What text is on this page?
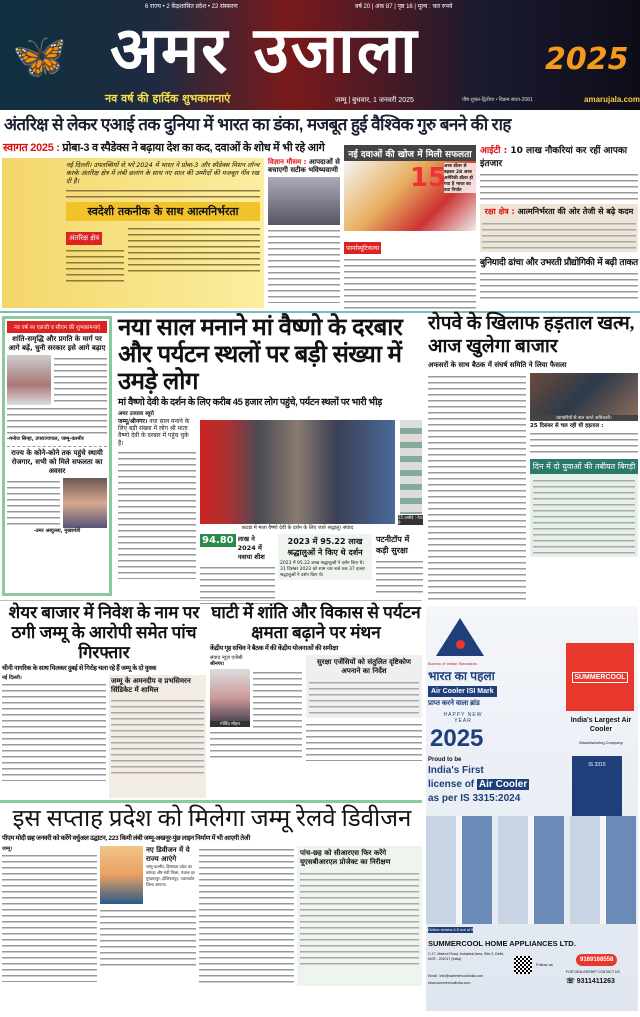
🦋
6 राज्य • 2 केंद्रशासित प्रदेश • 22 संस्करण	वर्ष 20 | अंक 87 | पृष्ठ 16 | मूल्य : चार रुपये
अमर उजाला	2025
नव वर्ष की हार्दिक शुभकामनाएं	जम्मू | बुधवार, 1 जनवरी 2025	पौष शुक्ल-द्वितीया • विक्रम संवत-2081	amarujala.com
अंतरिक्ष से लेकर एआई तक दुनिया में भारत का डंका, मजबूत हुई वैश्विक गुरु बनने की राह
स्वागत 2025 : प्रोबा-3 व स्पैडेक्स ने बढ़ाया देश का कद, दवाओं के शोध में भी रहे आगे
नई दिल्ली। उपलब्धियों से भरे 2024 में भारत ने प्रोबा-3 और स्पैडेक्स मिशन लॉन्च करके अंतरिक्ष क्षेत्र में लंबी छलांग के साथ नए साल की उम्मीदों की मजबूत नींव रख दी है।
स्वदेशी तकनीक के साथ आत्मनिर्भरता
अंतरिक्ष क्षेत्र
विज्ञान मौसम : आपदाओं से बचाएगी सटीक भविष्यवाणी
नई दवाओं की खोज में मिली सफलता
15
अरब डॉलर से बढ़कर 28 अरब अमेरिकी डॉलर हो गया है भारत का दवा निर्यात
फार्मास्यूटिकल्स
आईटी : 10 लाख नौकरियां कर रहीं आपका इंतजार
रक्षा क्षेत्र : आत्मनिर्भरता की ओर तेजी से बढ़े कदम
बुनियादी ढांचा और उभरती प्रौद्योगिकी में बढ़ी ताकत
नव वर्ष पर एलजी व सीएम की शुभकामनाएं
शांति-समृद्धि और प्रगति के मार्ग पर आगे बढ़ें, चुनी सरकार इसे आगे बढ़ाए
-मनोज सिन्हा, उपराज्यपाल, जम्मू-कश्मीर
राज्य के कोने-कोने तक पहुंचे स्थायी रोजगार, सभी को मिले सफलता का अवसर
-उमर अब्दुल्ला, मुख्यमंत्री
नया साल मनाने मां वैष्णो के दरबार और पर्यटन स्थलों पर बड़ी संख्या में उमड़े लोग
मां वैष्णो देवी के दर्शन के लिए करीब 45 हजार लोग पहुंचे, पर्यटन स्थलों पर भारी भीड़
अमर उजाला ब्यूरो
जम्मू/श्रीनगर। नया साल मनाने के लिए बड़ी संख्या में लोग श्री माता वैष्णो देवी के दरबार में पहुंच चुके हैं।
कटड़ा में माता वैष्णो देवी के दर्शन के लिए जाते श्रद्धालु। संवाद
25 उम्मीदें : पेज 9
94.80 लाख ने 2024 में नवाया शीश
2023 में 95.22 लाख श्रद्धालुओं ने किए थे दर्शन
2023 में 95.22 लाख श्रद्धालुओं ने दर्शन किए थे। 31 दिसंबर 2023 को शाम चार बजे तक 37 हजार श्रद्धालुओं ने दर्शन किए थे।
पटनीटॉप में कड़ी सुरक्षा
रोपवे के खिलाफ हड़ताल खत्म, आज खुलेगा बाजार
अफसरों के साथ बैठक में संघर्ष समिति ने लिया फैसला
व्यापारियों से बात करते अधिकारी।
25 दिसंबर से चल रही थी हड़ताल :
दिन में दो युवाओं की तबीयत बिगड़ी
शेयर बाजार में निवेश के नाम पर ठगी जम्मू के आरोपी समेत पांच गिरफ्तार
चीनी नागरिक के साथ मिलकर दुबई से गिरोह चला रहे हैं जम्मू के दो युवक
नई दिल्ली।	जम्मू के अमनदीप व प्रभसिमरन सिंडिकेट में शामिल
घाटी में शांति और विकास से पर्यटन क्षमता बढ़ाने पर मंथन
केंद्रीय गृह सचिव ने बैठक में की केंद्रीय योजनाओं की समीक्षा
संवाद न्यूज एजेंसी
श्रीनगर।
गोविंद मोहन
सुरक्षा एजेंसियों को संतुलित दृष्टिकोण अपनाने का निर्देश
इस सप्ताह प्रदेश को मिलेगा जम्मू रेलवे डिवीजन
पीएम मोदी छह जनवरी को करेंगे वर्चुअल उद्घाटन, 223 किमी लंबी जम्मू-अखनूर-पुंछ लाइन निर्माण में भी आएगी तेजी
जम्मू।	नए डिवीजन में ये राज्य आएंगे
जम्मू-कश्मीर, हिमाचल प्रदेश का कांगड़ा और मंडी जिला, पंजाब का गुरदासपुर, होशियारपुर, पठानकोट जिला आएगा।
पांच-छह को सीआरएस फिर करेंगे यूएसबीआरएल प्रोजेक्ट का निरीक्षण
Bureau of Indian Standards
भारत का पहला
Air Cooler ISI Mark
प्राप्त करने वाला ब्रांड
HAPPY NEW YEAR
2025
SUMMERCOOL
India's Largest Air Cooler
Manufacturing Company
IS 3315
Proud to be
India's First
license of Air Cooler
as per IS 3315:2024
Online review 4.5 out of 5
SUMMERCOOL HOME APPLIANCES LTD.
C-17, Meerut Road, Industrial Area, Site-3, Delhi-NCR - 201017 (India)
Email : info@summercoolindia.com
www.summercoolindia.com
Follow us
9169168558
FOR DEALERSHIP CONTACT US
☏ 9311411263
